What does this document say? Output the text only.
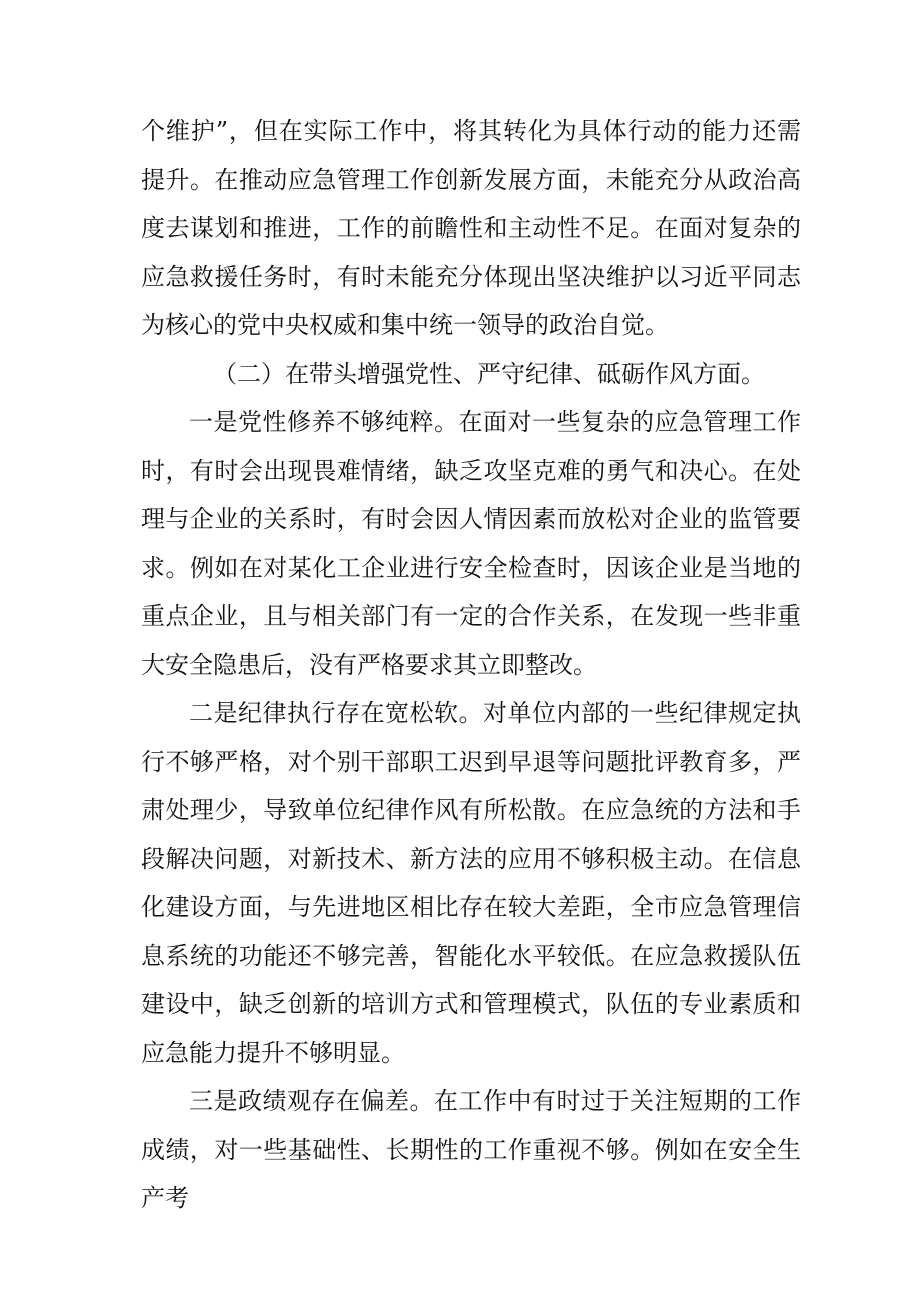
个维护”，但在实际工作中，将其转化为具体行动的能力还需提升。在推动应急管理工作创新发展方面，未能充分从政治高度去谋划和推进，工作的前瞻性和主动性不足。在面对复杂的应急救援任务时，有时未能充分体现出坚决维护以习近平同志为核心的党中央权威和集中统一领导的政治自觉。

（二）在带头增强党性、严守纪律、砥砺作风方面。

一是党性修养不够纯粹。在面对一些复杂的应急管理工作时，有时会出现畏难情绪，缺乏攻坚克难的勇气和决心。在处理与企业的关系时，有时会因人情因素而放松对企业的监管要求。例如在对某化工企业进行安全检查时，因该企业是当地的重点企业，且与相关部门有一定的合作关系，在发现一些非重大安全隐患后，没有严格要求其立即整改。

二是纪律执行存在宽松软。对单位内部的一些纪律规定执行不够严格，对个别干部职工迟到早退等问题批评教育多，严肃处理少，导致单位纪律作风有所松散。在应急统的方法和手段解决问题，对新技术、新方法的应用不够积极主动。在信息化建设方面，与先进地区相比存在较大差距，全市应急管理信息系统的功能还不够完善，智能化水平较低。在应急救援队伍建设中，缺乏创新的培训方式和管理模式，队伍的专业素质和应急能力提升不够明显。

三是政绩观存在偏差。在工作中有时过于关注短期的工作成绩，对一些基础性、长期性的工作重视不够。例如在安全生产考
